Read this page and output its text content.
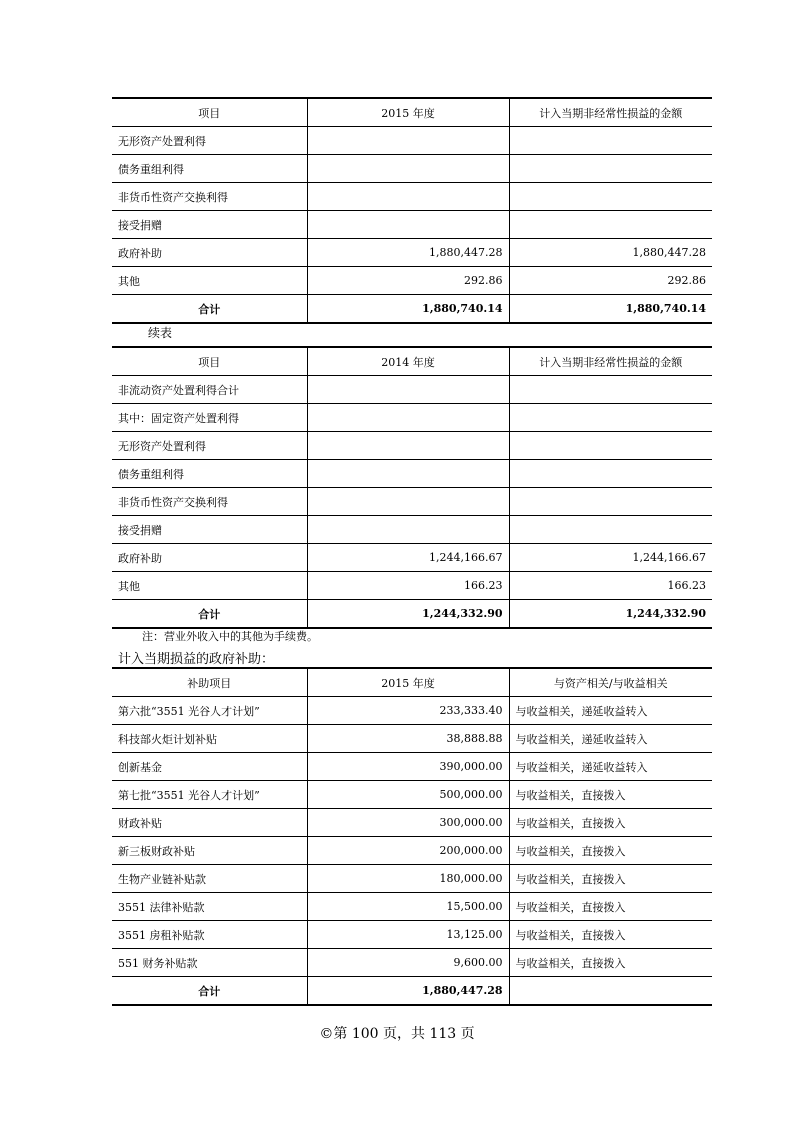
项目	2015 年度	计入当期非经常性损益的金额
无形资产处置利得		
债务重组利得		
非货币性资产交换利得		
接受捐赠		
政府补助	1,880,447.28	1,880,447.28
其他	292.86	292.86
合计	1,880,740.14	1,880,740.14
续表
项目	2014 年度	计入当期非经常性损益的金额
非流动资产处置利得合计		
其中：固定资产处置利得		
无形资产处置利得		
债务重组利得		
非货币性资产交换利得		
接受捐赠		
政府补助	1,244,166.67	1,244,166.67
其他	166.23	166.23
合计	1,244,332.90	1,244,332.90
注：营业外收入中的其他为手续费。
计入当期损益的政府补助：
补助项目	2015 年度	与资产相关/与收益相关
第六批“3551 光谷人才计划”	233,333.40	与收益相关，递延收益转入
科技部火炬计划补贴	38,888.88	与收益相关，递延收益转入
创新基金	390,000.00	与收益相关，递延收益转入
第七批“3551 光谷人才计划”	500,000.00	与收益相关，直接拨入
财政补贴	300,000.00	与收益相关，直接拨入
新三板财政补贴	200,000.00	与收益相关，直接拨入
生物产业链补贴款	180,000.00	与收益相关，直接拨入
3551 法律补贴款	15,500.00	与收益相关，直接拨入
3551 房租补贴款	13,125.00	与收益相关，直接拨入
551 财务补贴款	9,600.00	与收益相关，直接拨入
合计	1,880,447.28	
©第 100 页，共 113 页
